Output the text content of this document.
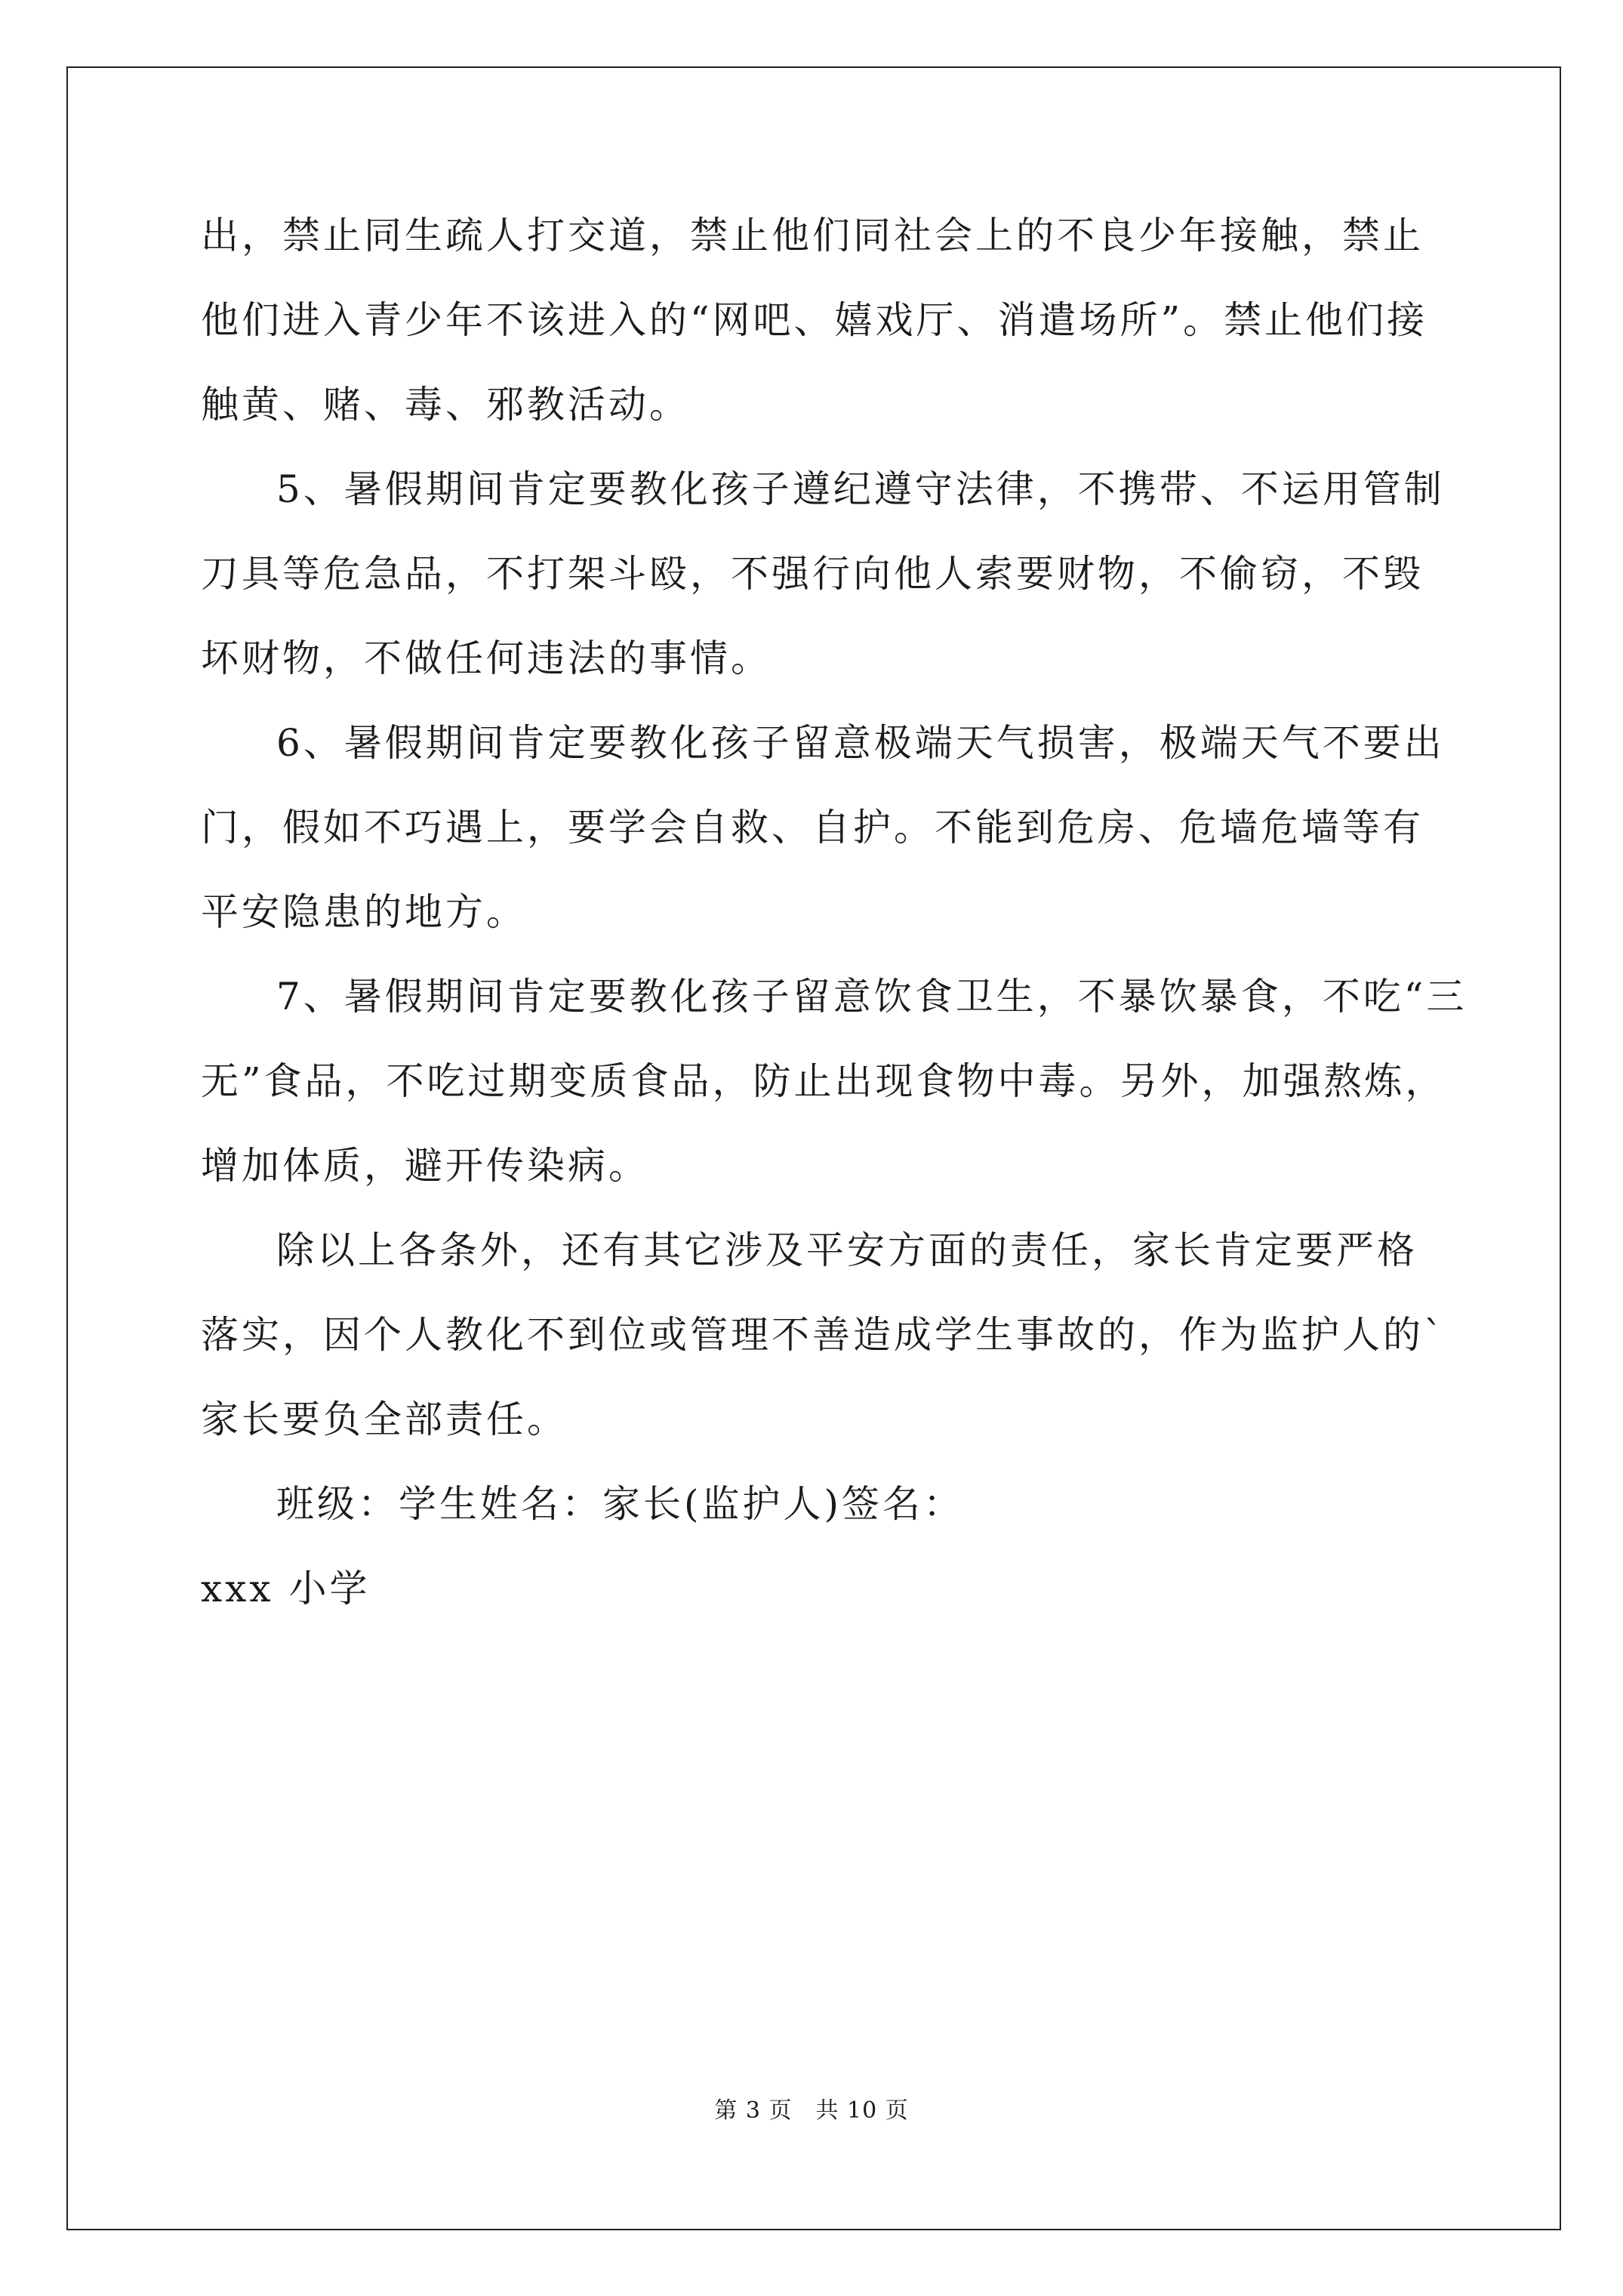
出，禁止同生疏人打交道，禁止他们同社会上的不良少年接触，禁止
他们进入青少年不该进入的“网吧、嬉戏厅、消遣场所”。禁止他们接
触黄、赌、毒、邪教活动。
5、暑假期间肯定要教化孩子遵纪遵守法律，不携带、不运用管制
刀具等危急品，不打架斗殴，不强行向他人索要财物，不偷窃，不毁
坏财物，不做任何违法的事情。
6、暑假期间肯定要教化孩子留意极端天气损害，极端天气不要出
门，假如不巧遇上，要学会自救、自护。不能到危房、危墙危墙等有
平安隐患的地方。
7、暑假期间肯定要教化孩子留意饮食卫生，不暴饮暴食，不吃“三
无”食品，不吃过期变质食品，防止出现食物中毒。另外，加强熬炼，
增加体质，避开传染病。
除以上各条外，还有其它涉及平安方面的责任，家长肯定要严格
落实，因个人教化不到位或管理不善造成学生事故的，作为监护人的`
家长要负全部责任。
班级：学生姓名：家长(监护人)签名：
xxx 小学
第 3 页　共 10 页
